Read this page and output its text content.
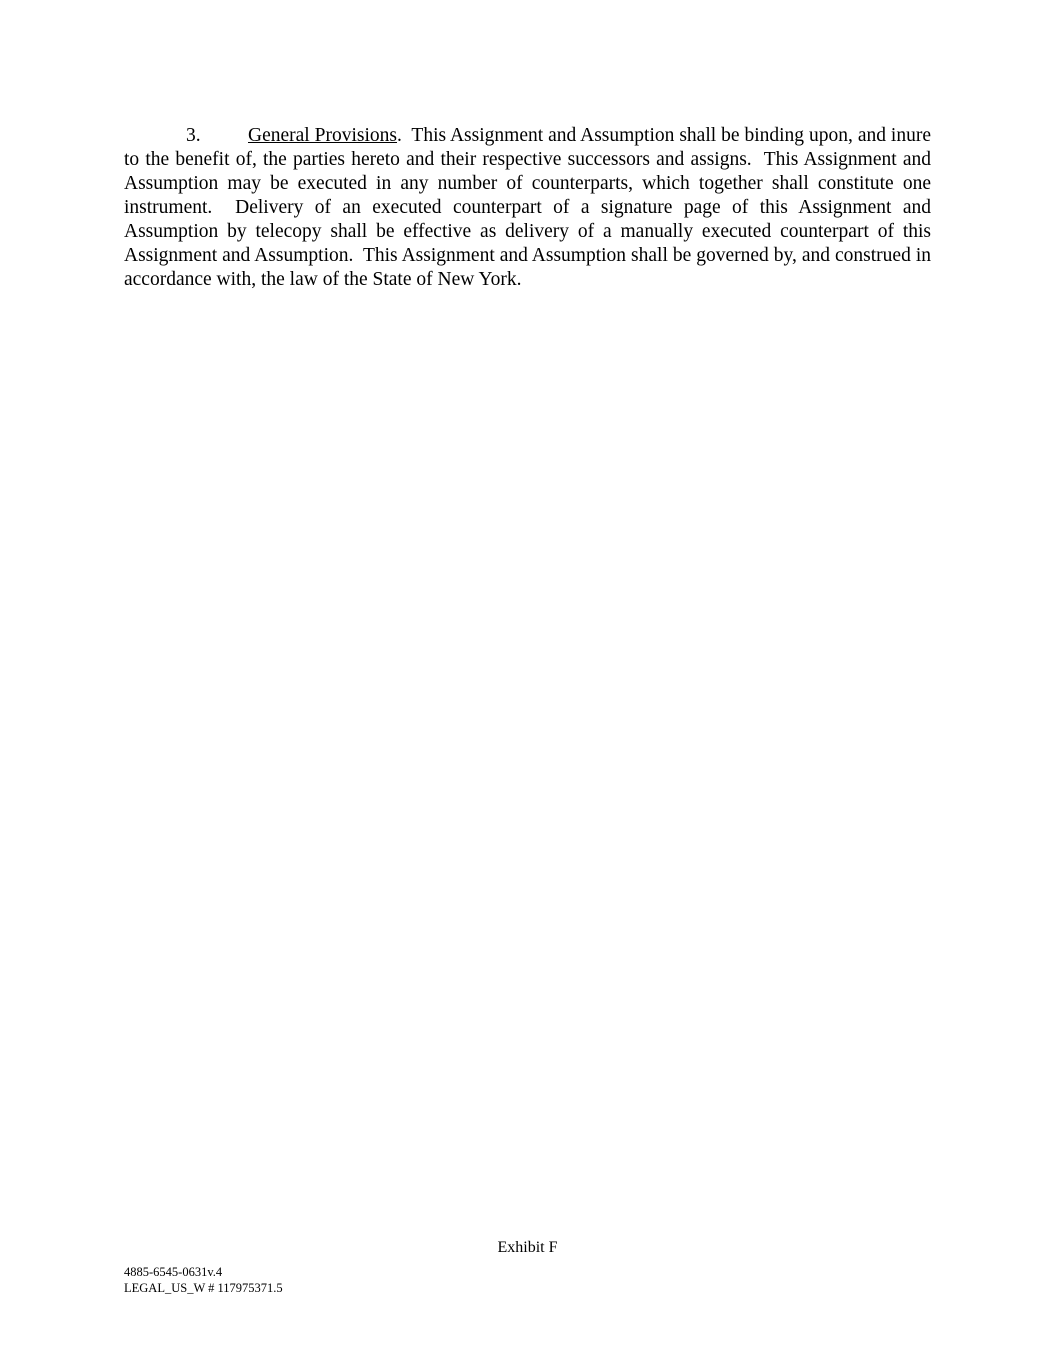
3. General Provisions.  This Assignment and Assumption shall be binding upon, and inure to the benefit of, the parties hereto and their respective successors and assigns.  This Assignment and Assumption may be executed in any number of counterparts, which together shall constitute one instrument.  Delivery of an executed counterpart of a signature page of this Assignment and Assumption by telecopy shall be effective as delivery of a manually executed counterpart of this Assignment and Assumption.  This Assignment and Assumption shall be governed by, and construed in accordance with, the law of the State of New York.

Exhibit F
4885-6545-0631v.4
LEGAL_US_W # 117975371.5
